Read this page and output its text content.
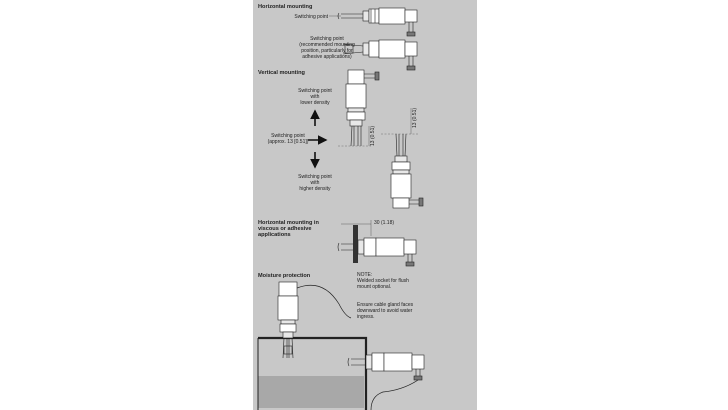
Horizontal mounting
Switching point
Switching point
(recommended mounting
position, particularly for
adhesive applications)
Vertical mounting
Switching point
with
lower density
Switching point
(approx. 13 [0.51])
Switching point
with
higher density
13 (0.51)
13 (0.51)
Horizontal mounting in
viscous or adhesive
applications
30 (1.18)
Moisture protection	NOTE:
Welded socket for flush
mount optional.
Ensure cable gland faces
downward to avoid water
ingress.
